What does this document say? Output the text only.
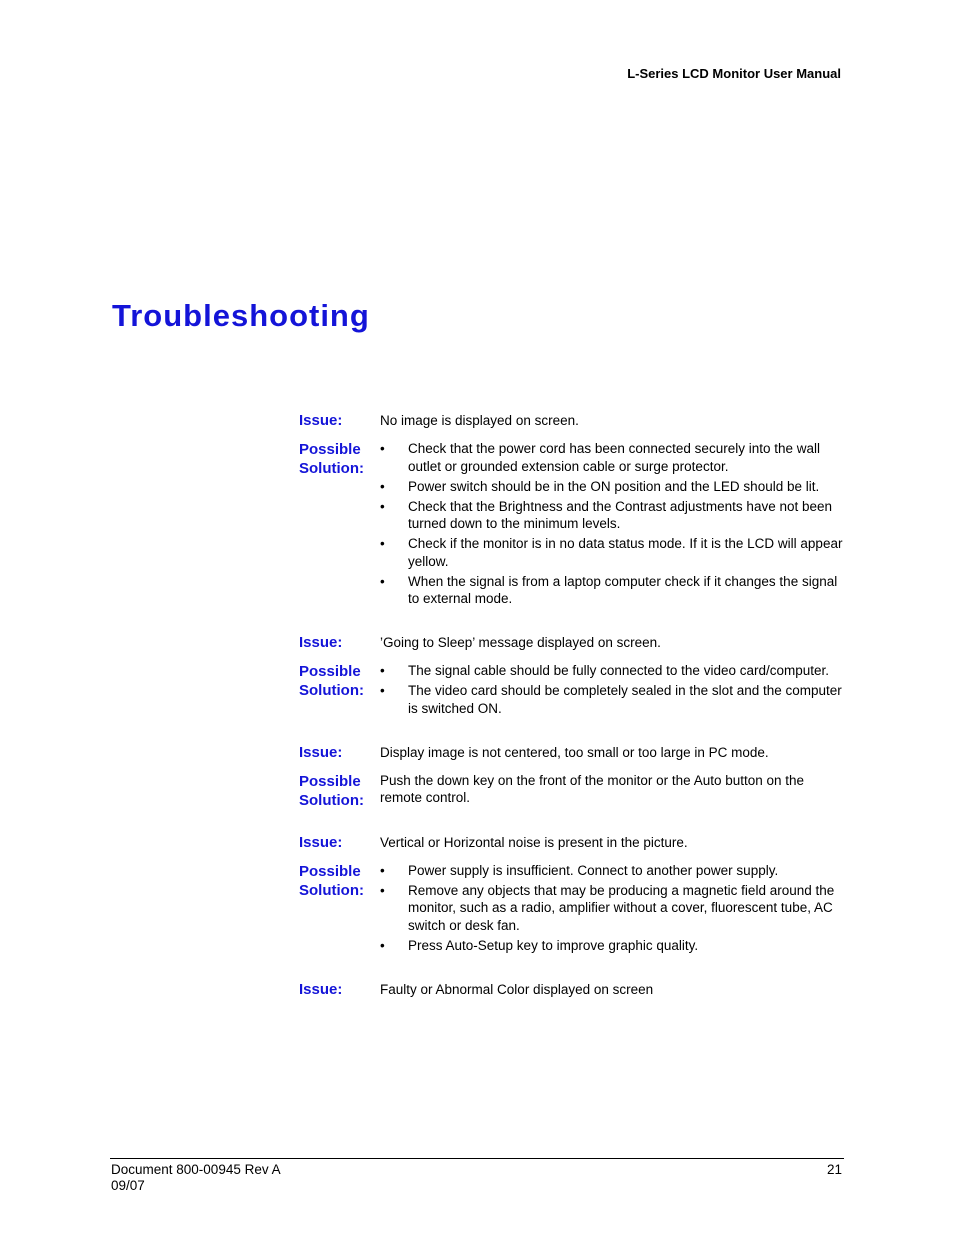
L-Series LCD Monitor User Manual
Troubleshooting
Issue:	No image is displayed on screen.
Possible
Solution:
•	Check that the power cord has been connected securely into the wall outlet or grounded extension cable or surge protector.
•	Power switch should be in the ON position and the LED should be lit.
•	Check that the Brightness and the Contrast adjustments have not been turned down to the minimum levels.
•	Check if the monitor is in no data status mode. If it is the LCD will appear yellow.
•	When the signal is from a laptop computer check if it changes the signal to external mode.
Issue:	’Going to Sleep’ message displayed on screen.
Possible
Solution:
•	The signal cable should be fully connected to the video card/computer.
•	The video card should be completely sealed in the slot and the computer is switched ON.
Issue:	Display image is not centered, too small or too large in PC mode.
Possible
Solution:
Push the down key on the front of the monitor or the Auto button on the remote control.
Issue:	Vertical or Horizontal noise is present in the picture.
Possible
Solution:
•	Power supply is insufficient. Connect to another power supply.
•	Remove any objects that may be producing a magnetic field around the monitor, such as a radio, amplifier without a cover, fluorescent tube, AC switch or desk fan.
•	Press Auto-Setup key to improve graphic quality.
Issue:	Faulty or Abnormal Color displayed on screen
Document 800-00945 Rev A
09/07
21
